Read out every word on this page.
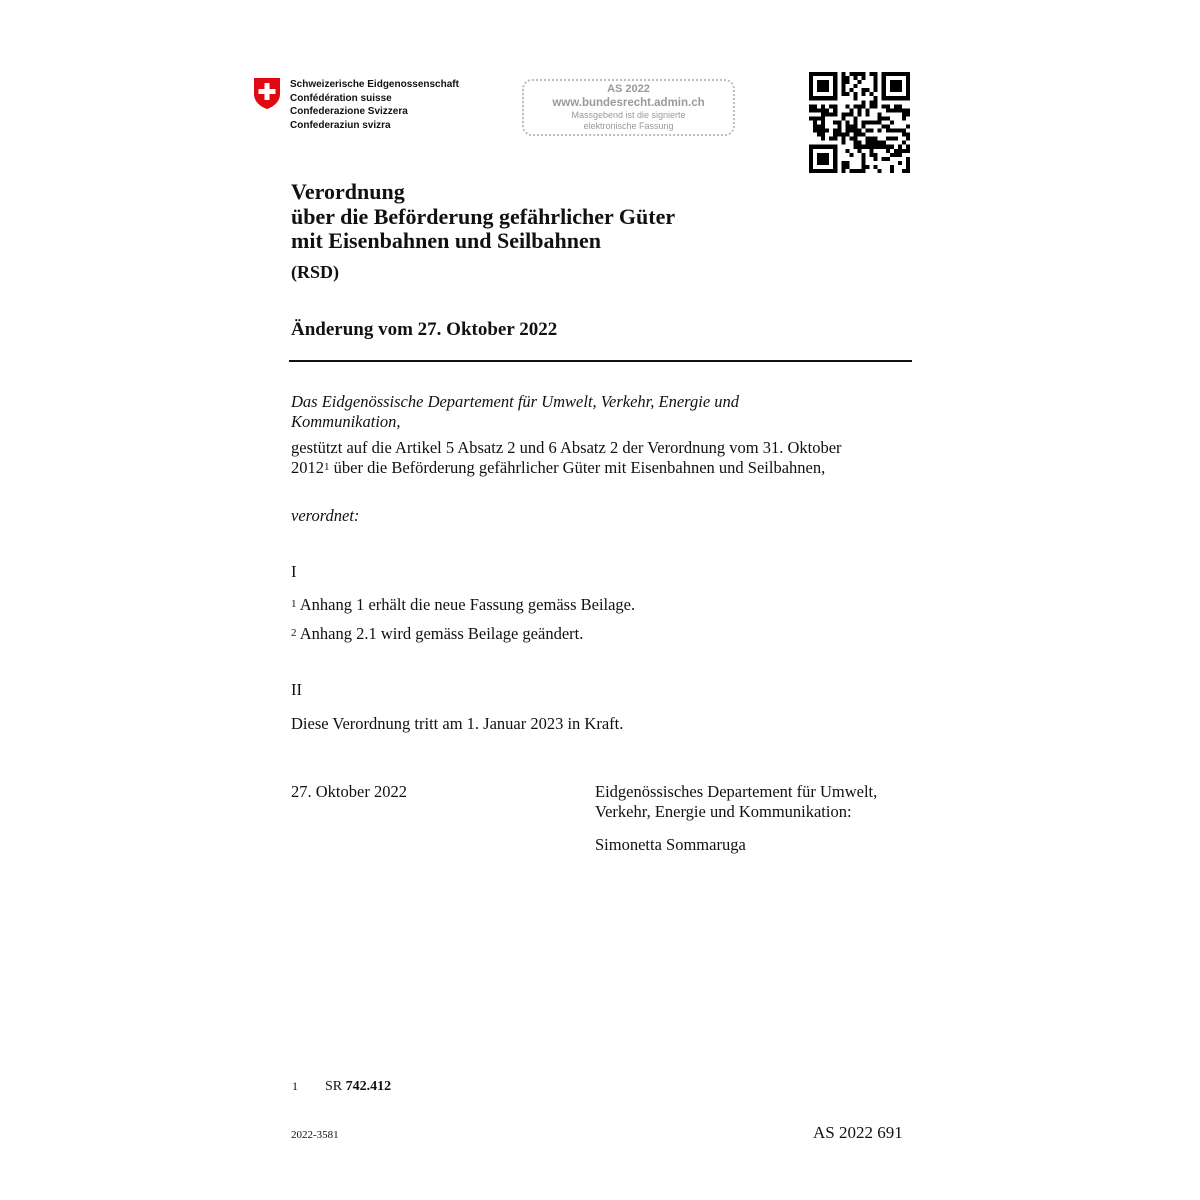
Schweizerische Eidgenossenschaft
Confédération suisse
Confederazione Svizzera
Confederaziun svizra
AS 2022
www.bundesrecht.admin.ch
Massgebend ist die signierte
elektronische Fassung
Verordnung
über die Beförderung gefährlicher Güter
mit Eisenbahnen und Seilbahnen
(RSD)
Änderung vom 27. Oktober 2022
Das Eidgenössische Departement für Umwelt, Verkehr, Energie und Kommunikation,
gestützt auf die Artikel 5 Absatz 2 und 6 Absatz 2 der Verordnung vom 31. Oktober 2012$^1$ über die Beförderung gefährlicher Güter mit Eisenbahnen und Seilbahnen,
verordnet:
I
$^1$ Anhang 1 erhält die neue Fassung gemäss Beilage.
$^2$ Anhang 2.1 wird gemäss Beilage geändert.
II
Diese Verordnung tritt am 1. Januar 2023 in Kraft.
27. Oktober 2022	Eidgenössisches Departement für Umwelt, Verkehr, Energie und Kommunikation:
Simonetta Sommaruga
1 SR 742.412
2022-3581	AS 2022 691
